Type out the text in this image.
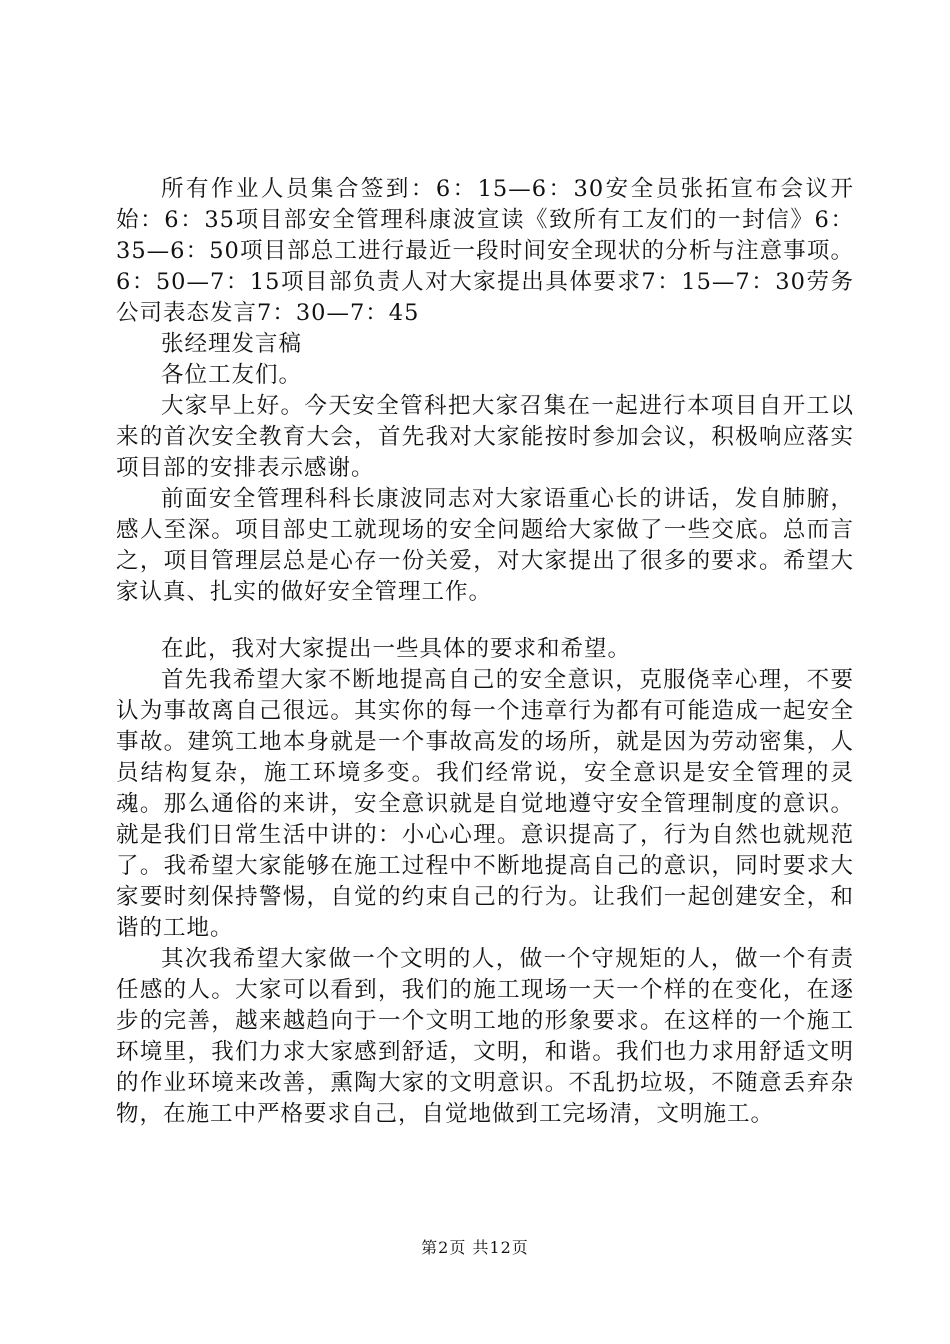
所有作业人员集合签到：6：15—6：30安全员张拓宣布会议开始：6：35项目部安全管理科康波宣读《致所有工友们的一封信》6：35—6：50项目部总工进行最近一段时间安全现状的分析与注意事项。6：50—7：15项目部负责人对大家提出具体要求7：15—7：30劳务公司表态发言7：30—7：45

张经理发言稿

各位工友们。

大家早上好。今天安全管科把大家召集在一起进行本项目自开工以来的首次安全教育大会，首先我对大家能按时参加会议，积极响应落实项目部的安排表示感谢。

前面安全管理科科长康波同志对大家语重心长的讲话，发自肺腑，感人至深。项目部史工就现场的安全问题给大家做了一些交底。总而言之，项目管理层总是心存一份关爱，对大家提出了很多的要求。希望大家认真、扎实的做好安全管理工作。

在此，我对大家提出一些具体的要求和希望。

首先我希望大家不断地提高自己的安全意识，克服侥幸心理，不要认为事故离自己很远。其实你的每一个违章行为都有可能造成一起安全事故。建筑工地本身就是一个事故高发的场所，就是因为劳动密集，人员结构复杂，施工环境多变。我们经常说，安全意识是安全管理的灵魂。那么通俗的来讲，安全意识就是自觉地遵守安全管理制度的意识。就是我们日常生活中讲的：小心心理。意识提高了，行为自然也就规范了。我希望大家能够在施工过程中不断地提高自己的意识，同时要求大家要时刻保持警惕，自觉的约束自己的行为。让我们一起创建安全，和谐的工地。

其次我希望大家做一个文明的人，做一个守规矩的人，做一个有责任感的人。大家可以看到，我们的施工现场一天一个样的在变化，在逐步的完善，越来越趋向于一个文明工地的形象要求。在这样的一个施工环境里，我们力求大家感到舒适，文明，和谐。我们也力求用舒适文明的作业环境来改善，熏陶大家的文明意识。不乱扔垃圾，不随意丢弃杂物，在施工中严格要求自己，自觉地做到工完场清，文明施工。

第2页 共12页
